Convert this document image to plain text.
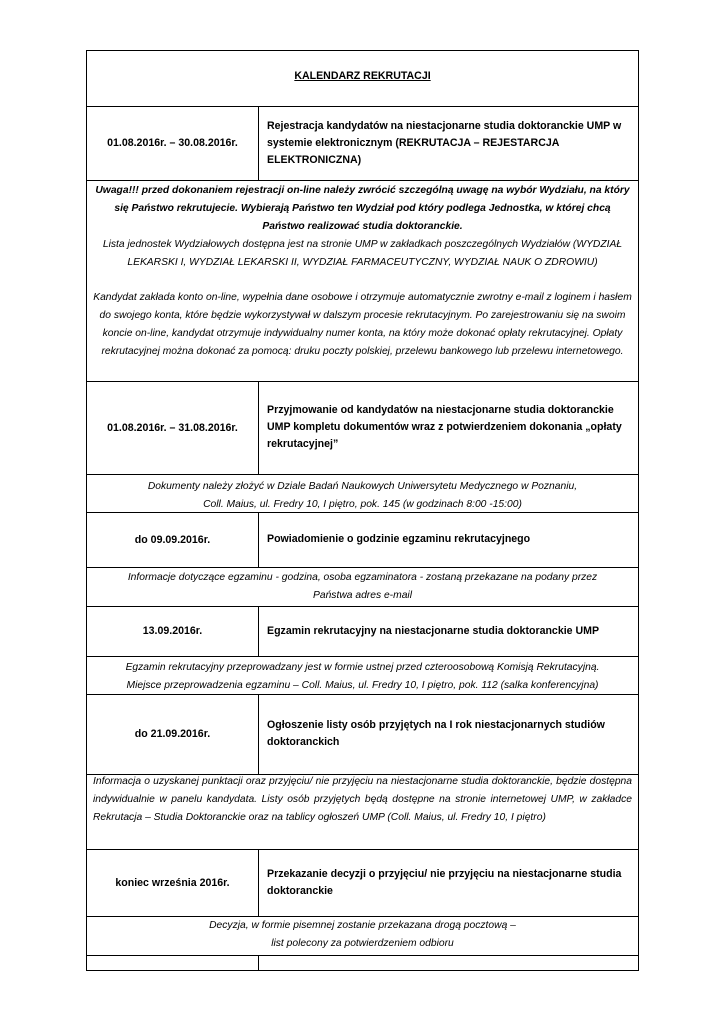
KALENDARZ REKRUTACJI
01.08.2016r. – 30.08.2016r.
Rejestracja kandydatów na niestacjonarne studia doktoranckie UMP w systemie elektronicznym (REKRUTACJA – REJESTARCJA ELEKTRONICZNA)

Uwaga!!! przed dokonaniem rejestracji on-line należy zwrócić szczególną uwagę na wybór Wydziału, na który się Państwo rekrutujecie. Wybierają Państwo ten Wydział pod który podlega Jednostka, w której chcą Państwo realizować studia doktoranckie.

Lista jednostek Wydziałowych dostępna jest na stronie UMP w zakładkach poszczególnych Wydziałów (WYDZIAŁ LEKARSKI I, WYDZIAŁ LEKARSKI II, WYDZIAŁ FARMACEUTYCZNY, WYDZIAŁ NAUK O ZDROWIU)

Kandydat zakłada konto on-line, wypełnia dane osobowe i otrzymuje automatycznie zwrotny e-mail z loginem i hasłem do swojego konta, które będzie wykorzystywał w dalszym procesie rekrutacyjnym. Po zarejestrowaniu się na swoim koncie on-line, kandydat otrzymuje indywidualny numer konta, na który może dokonać opłaty rekrutacyjnej. Opłaty rekrutacyjnej można dokonać za pomocą: druku poczty polskiej, przelewu bankowego lub przelewu internetowego.

01.08.2016r. – 31.08.2016r.
Przyjmowanie od kandydatów na niestacjonarne studia doktoranckie UMP kompletu dokumentów wraz z potwierdzeniem dokonania „opłaty rekrutacyjnej”

Dokumenty należy złożyć w Dziale Badań Naukowych Uniwersytetu Medycznego w Poznaniu,

Coll. Maius, ul. Fredry 10, I piętro, pok. 145 (w godzinach 8:00 -15:00)

do 09.09.2016r.	Powiadomienie o godzinie egzaminu rekrutacyjnego
Informacje dotyczące egzaminu - godzina, osoba egzaminatora - zostaną przekazane na podany przez Państwa adres e-mail
13.09.2016r.	Egzamin rekrutacyjny na niestacjonarne studia doktoranckie UMP

Egzamin rekrutacyjny przeprowadzany jest w formie ustnej przed czteroosobową Komisją Rekrutacyjną.

Miejsce przeprowadzenia egzaminu – Coll. Maius, ul. Fredry 10, I piętro, pok. 112 (salka konferencyjna)

do 21.09.2016r.
Ogłoszenie listy osób przyjętych na I rok niestacjonarnych studiów doktoranckich
Informacja o uzyskanej punktacji oraz przyjęciu/ nie przyjęciu na niestacjonarne studia doktoranckie, będzie dostępna indywidualnie w panelu kandydata. Listy osób przyjętych będą dostępne na stronie internetowej UMP, w zakładce Rekrutacja – Studia Doktoranckie oraz na tablicy ogłoszeń UMP (Coll. Maius, ul. Fredry 10, I piętro)
koniec września 2016r.
Przekazanie decyzji o przyjęciu/ nie przyjęciu na niestacjonarne studia doktoranckie

Decyzja, w formie pisemnej zostanie przekazana drogą pocztową –

list polecony za potwierdzeniem odbioru
